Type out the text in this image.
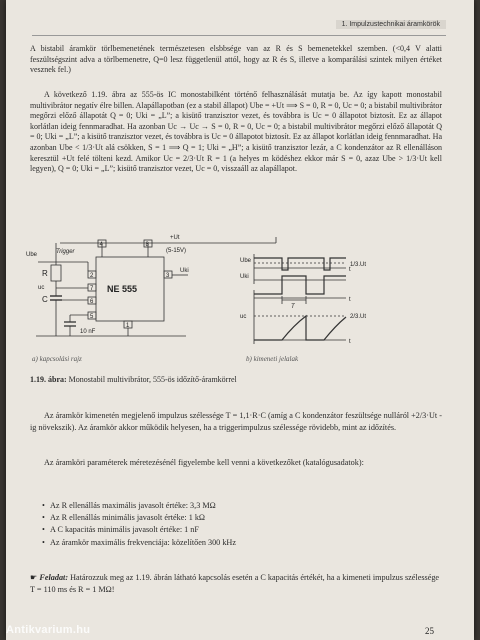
1. Impulzustechnikai áramkörök

A bistabil áramkör törlbemenetének természetesen elsbbsége van az R és S bemenetekkel szemben. (<0,4 V alatti feszültségszint adva a törlbemenetre, Q=0 lesz függetlenül attól, hogy az R és S, illetve a komparálási szintek milyen értéket vesznek fel.)

A következő 1.19. ábra az 555-ös IC monostabilként történő felhasználását mutatja be. Az így kapott monostabil multivibrátor negatív élre billen. Alapállapotban (ez a stabil állapot) Ube = +Ut ⟹ S = 0, R = 0, Uc = 0; a bistabil multivibrátor megőrzi előző állapotát Q = 0; Uki = „L”; a kisütő tranzisztor vezet, és továbbra is Uc = 0 állapotot biztosít. Ez az állapot korlátlan ideig fennmaradhat. Ha azonban Uc → Uc → S = 0, R = 0, Uc = 0; a bistabil multivibrátor megőrzi előző állapotát Q = 0; Uki = „L”; a kisütő tranzisztor vezet, és továbbra is Uc = 0 állapotot biztosít. Ez az állapot korlátlan ideig fennmaradhat. Ha azonban Ube < 1/3·Ut alá csökken, S = 1 ⟹ Q = 1; Uki = „H”; a kisütő tranzisztor lezár, a C kondenzátor az R ellenálláson keresztül +Ut felé tölteni kezd. Amikor Uc = 2/3·Ut R = 1 (a helyes m ködéshez ekkor már S = 0, azaz Ube > 1/3·Ut kell legyen), Q = 0; Uki = „L”; kisütő tranzisztor vezet, Uc = 0, visszaáll az alapállapot.

4	8
2
7
6
3
5
1
NE 555
Trigger
Ube
Uki
+Ut
(5-15V)
R
C
uc
10 nF
Ube
Uki
uc
1/3.Ut
2/3.Ut
t
t
t
T

a) kapcsolási rajz	b) kimeneti jelalak

1.19. ábra: Monostabil multivibrátor, 555-ös időzítő-áramkörrel

Az áramkör kimenetén megjelenő impulzus szélessége T = 1,1·R·C (amíg a C kondenzátor feszültsége nulláról +2/3·Ut -ig növekszik). Az áramkör akkor működik helyesen, ha a triggerimpulzus szélessége rövidebb, mint az időzítés.

Az áramköri paraméterek méretezésénél figyelembe kell venni a következőket (katalógusadatok):

• Az R ellenállás maximális javasolt értéke: 3,3 MΩ
• Az R ellenállás minimális javasolt értéke: 1 kΩ
• A C kapacitás minimális javasolt értéke: 1 nF
• Az áramkör maximális frekvenciája: közelítően 300 kHz

☛ Feladat: Határozzuk meg az 1.19. ábrán látható kapcsolás esetén a C kapacitás értékét, ha a kimeneti impulzus szélessége T = 110 ms és R = 1 MΩ!

25
Antikvarium.hu
